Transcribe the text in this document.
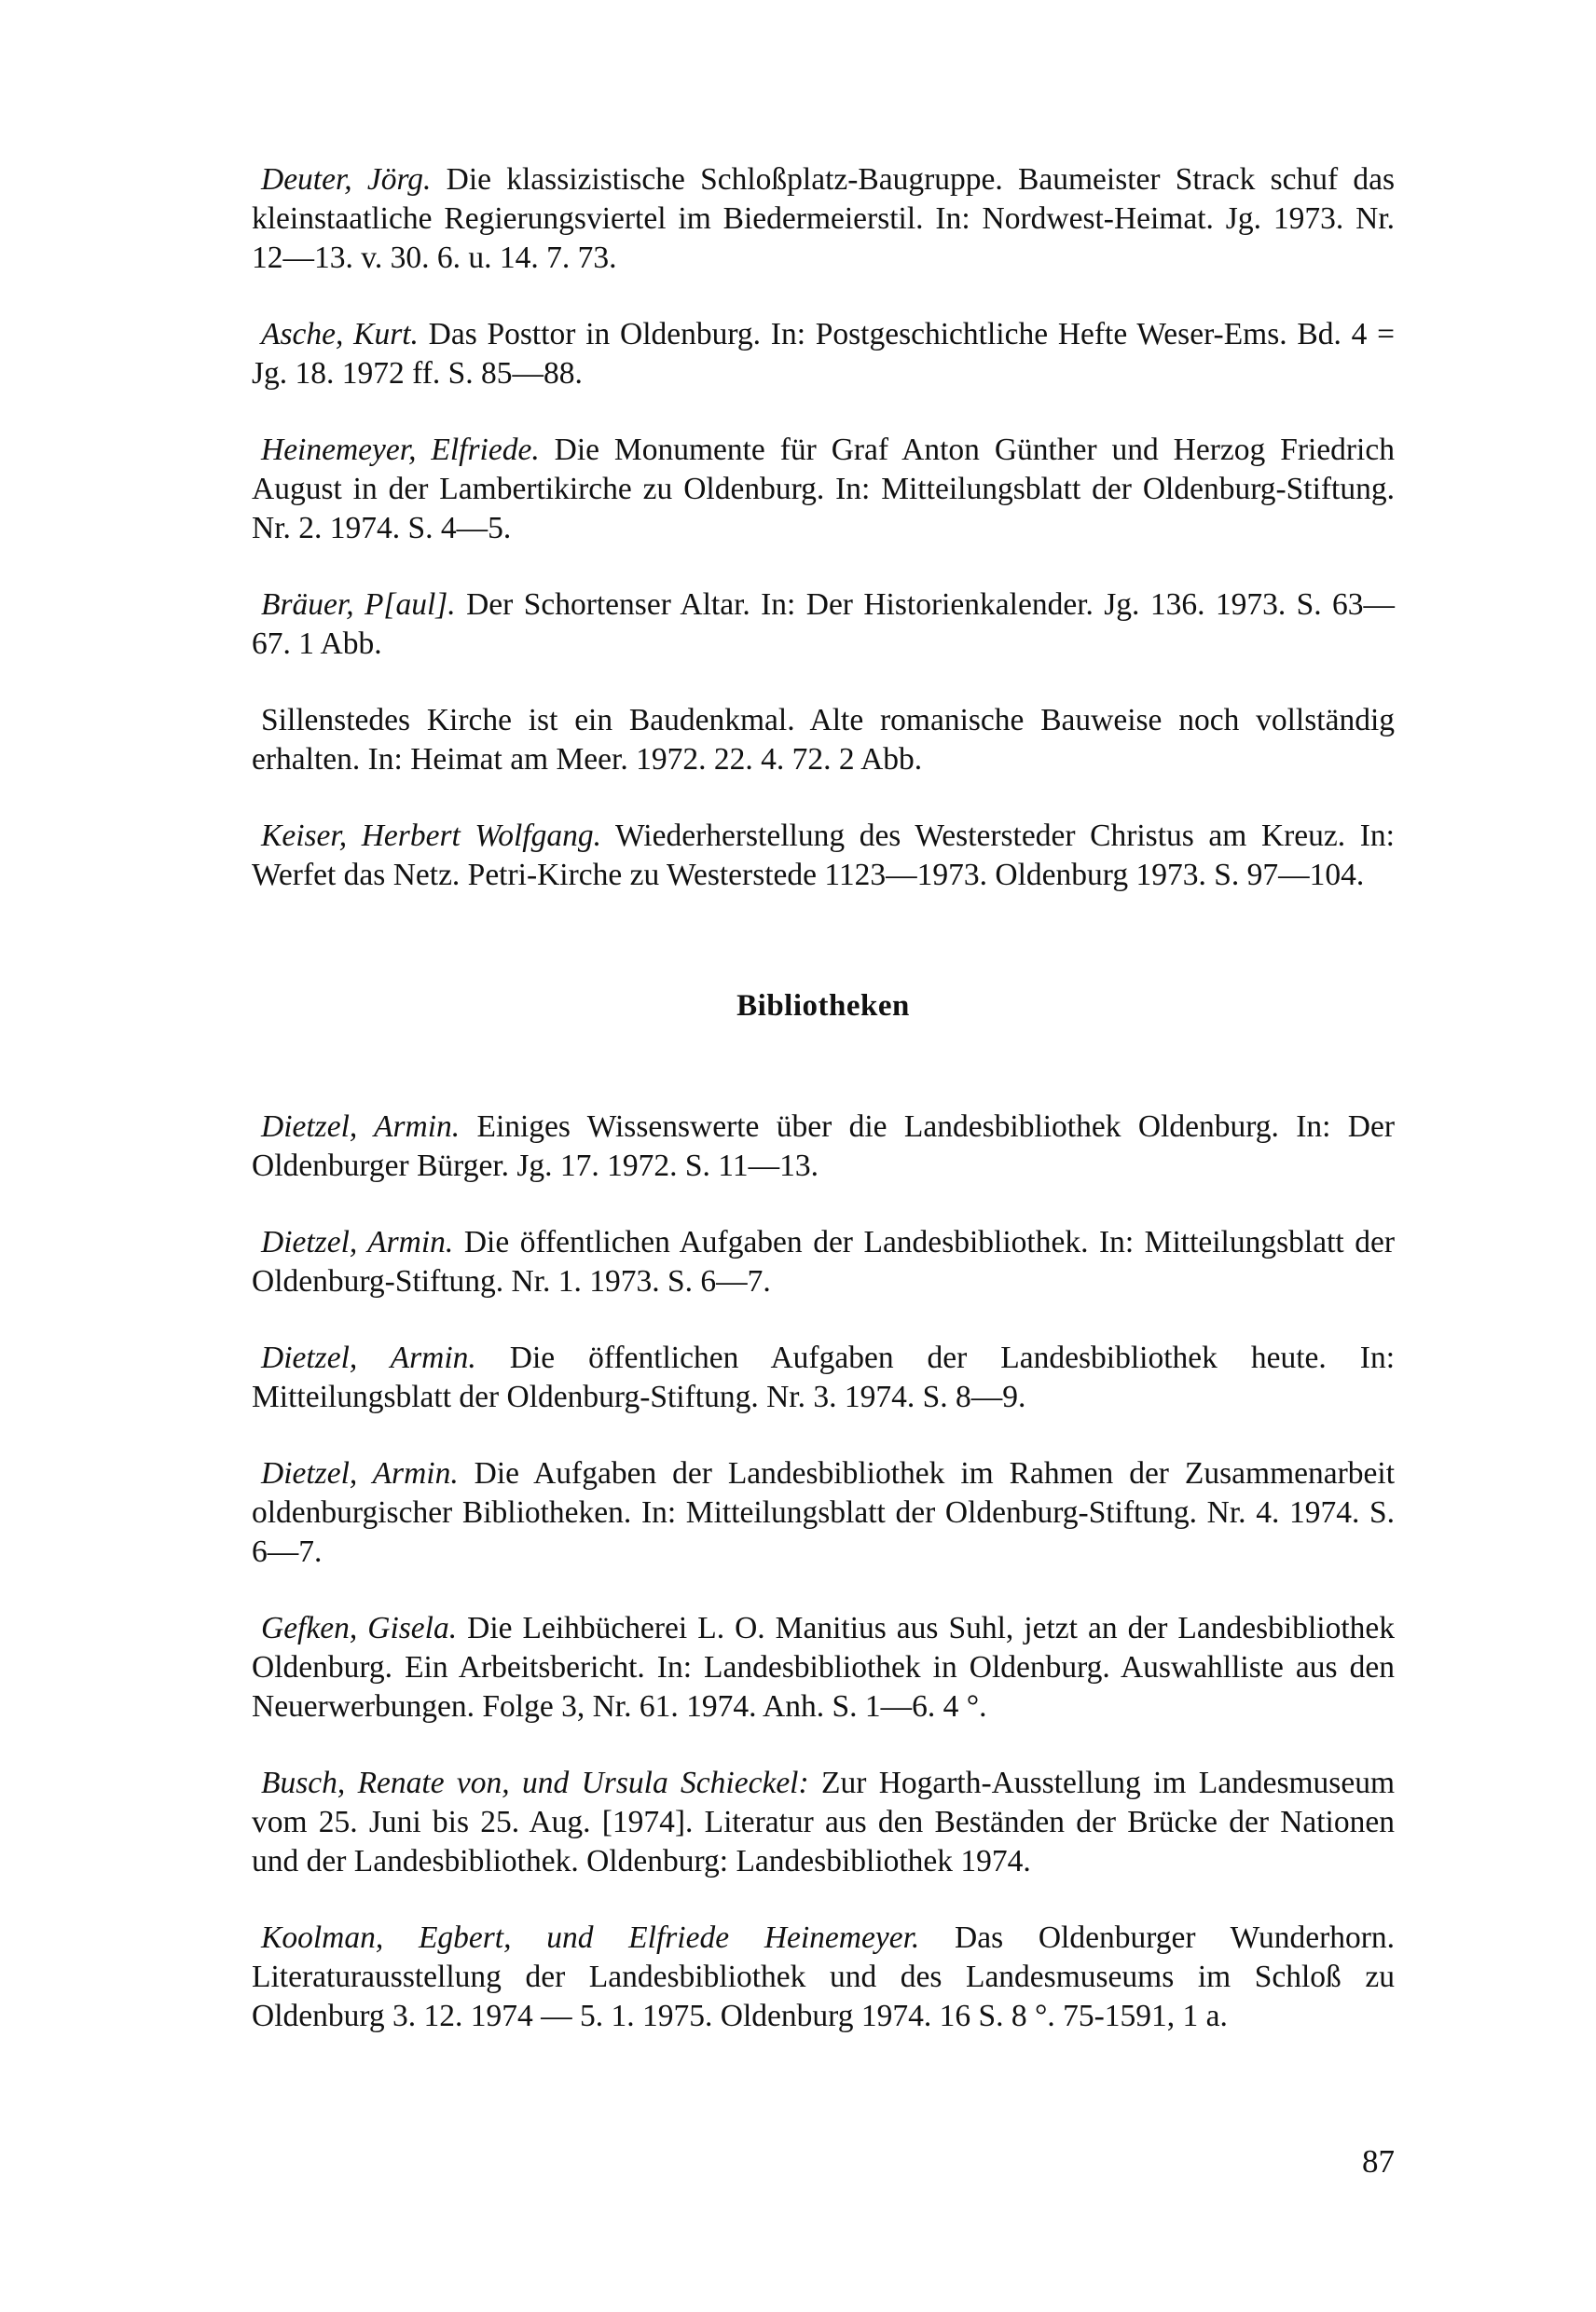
Deuter, Jörg. Die klassizistische Schloßplatz-Baugruppe. Baumeister Strack schuf das kleinstaatliche Regierungsviertel im Biedermeierstil. In: Nordwest-Heimat. Jg. 1973. Nr. 12—13. v. 30. 6. u. 14. 7. 73.

Asche, Kurt. Das Posttor in Oldenburg. In: Postgeschichtliche Hefte Weser-Ems. Bd. 4 = Jg. 18. 1972 ff. S. 85—88.

Heinemeyer, Elfriede. Die Monumente für Graf Anton Günther und Herzog Friedrich August in der Lambertikirche zu Oldenburg. In: Mitteilungsblatt der Oldenburg-Stiftung. Nr. 2. 1974. S. 4—5.

Bräuer, P[aul]. Der Schortenser Altar. In: Der Historienkalender. Jg. 136. 1973. S. 63—67. 1 Abb.

Sillenstedes Kirche ist ein Baudenkmal. Alte romanische Bauweise noch vollständig erhalten. In: Heimat am Meer. 1972. 22. 4. 72. 2 Abb.

Keiser, Herbert Wolfgang. Wiederherstellung des Westersteder Christus am Kreuz. In: Werfet das Netz. Petri-Kirche zu Westerstede 1123—1973. Oldenburg 1973. S. 97—104.

Bibliotheken

Dietzel, Armin. Einiges Wissenswerte über die Landesbibliothek Oldenburg. In: Der Oldenburger Bürger. Jg. 17. 1972. S. 11—13.

Dietzel, Armin. Die öffentlichen Aufgaben der Landesbibliothek. In: Mitteilungsblatt der Oldenburg-Stiftung. Nr. 1. 1973. S. 6—7.

Dietzel, Armin. Die öffentlichen Aufgaben der Landesbibliothek heute. In: Mitteilungsblatt der Oldenburg-Stiftung. Nr. 3. 1974. S. 8—9.

Dietzel, Armin. Die Aufgaben der Landesbibliothek im Rahmen der Zusammenarbeit oldenburgischer Bibliotheken. In: Mitteilungsblatt der Oldenburg-Stiftung. Nr. 4. 1974. S. 6—7.

Gefken, Gisela. Die Leihbücherei L. O. Manitius aus Suhl, jetzt an der Landesbibliothek Oldenburg. Ein Arbeitsbericht. In: Landesbibliothek in Oldenburg. Auswahlliste aus den Neuerwerbungen. Folge 3, Nr. 61. 1974. Anh. S. 1—6. 4 °.

Busch, Renate von, und Ursula Schieckel: Zur Hogarth-Ausstellung im Landesmuseum vom 25. Juni bis 25. Aug. [1974]. Literatur aus den Beständen der Brücke der Nationen und der Landesbibliothek. Oldenburg: Landesbibliothek 1974.

Koolman, Egbert, und Elfriede Heinemeyer. Das Oldenburger Wunderhorn. Literaturausstellung der Landesbibliothek und des Landesmuseums im Schloß zu Oldenburg 3. 12. 1974 — 5. 1. 1975. Oldenburg 1974. 16 S. 8 °. 75-1591, 1 a.

87
